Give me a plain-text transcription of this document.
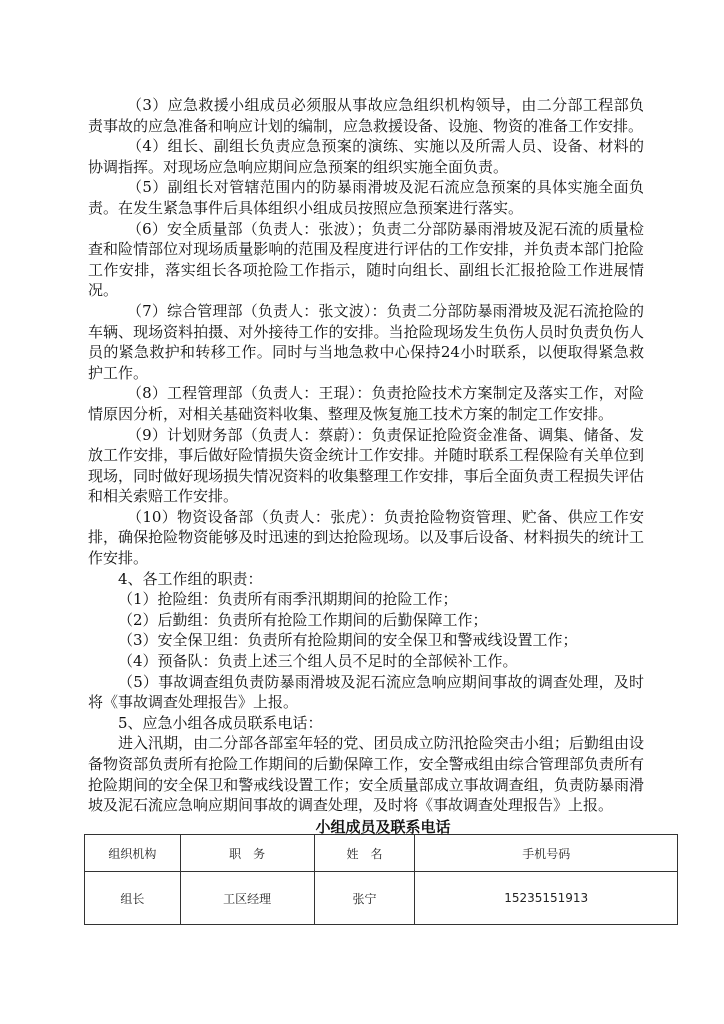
（3）应急救援小组成员必须服从事故应急组织机构领导，由二分部工程部负责事故的应急准备和响应计划的编制，应急救援设备、设施、物资的准备工作安排。

（4）组长、副组长负责应急预案的演练、实施以及所需人员、设备、材料的协调指挥。对现场应急响应期间应急预案的组织实施全面负责。

（5）副组长对管辖范围内的防暴雨滑坡及泥石流应急预案的具体实施全面负责。在发生紧急事件后具体组织小组成员按照应急预案进行落实。

（6）安全质量部（负责人：张波）；负责二分部防暴雨滑坡及泥石流的质量检查和险情部位对现场质量影响的范围及程度进行评估的工作安排，并负责本部门抢险工作安排，落实组长各项抢险工作指示，随时向组长、副组长汇报抢险工作进展情况。

（7）综合管理部（负责人：张文波）：负责二分部防暴雨滑坡及泥石流抢险的车辆、现场资料拍摄、对外接待工作的安排。当抢险现场发生负伤人员时负责负伤人员的紧急救护和转移工作。同时与当地急救中心保持24小时联系，以便取得紧急救护工作。

（8）工程管理部（负责人：王琨）：负责抢险技术方案制定及落实工作，对险情原因分析，对相关基础资料收集、整理及恢复施工技术方案的制定工作安排。

（9）计划财务部（负责人：蔡蔚）：负责保证抢险资金准备、调集、储备、发放工作安排，事后做好险情损失资金统计工作安排。并随时联系工程保险有关单位到现场，同时做好现场损失情况资料的收集整理工作安排，事后全面负责工程损失评估和相关索赔工作安排。

（10）物资设备部（负责人：张虎）：负责抢险物资管理、贮备、供应工作安排，确保抢险物资能够及时迅速的到达抢险现场。以及事后设备、材料损失的统计工作安排。

4、各工作组的职责：

（1）抢险组：负责所有雨季汛期期间的抢险工作；

（2）后勤组：负责所有抢险工作期间的后勤保障工作；

（3）安全保卫组：负责所有抢险期间的安全保卫和警戒线设置工作；

（4）预备队：负责上述三个组人员不足时的全部候补工作。

（5）事故调查组负责防暴雨滑坡及泥石流应急响应期间事故的调查处理，及时将《事故调查处理报告》上报。

5、应急小组各成员联系电话：

进入汛期，由二分部各部室年轻的党、团员成立防汛抢险突击小组；后勤组由设备物资部负责所有抢险工作期间的后勤保障工作，安全警戒组由综合管理部负责所有抢险期间的安全保卫和警戒线设置工作；安全质量部成立事故调查组，负责防暴雨滑坡及泥石流应急响应期间事故的调查处理，及时将《事故调查处理报告》上报。

小组成员及联系电话
组织机构	职　务	姓　名	手机号码
组长	工区经理	张宁	15235151913
